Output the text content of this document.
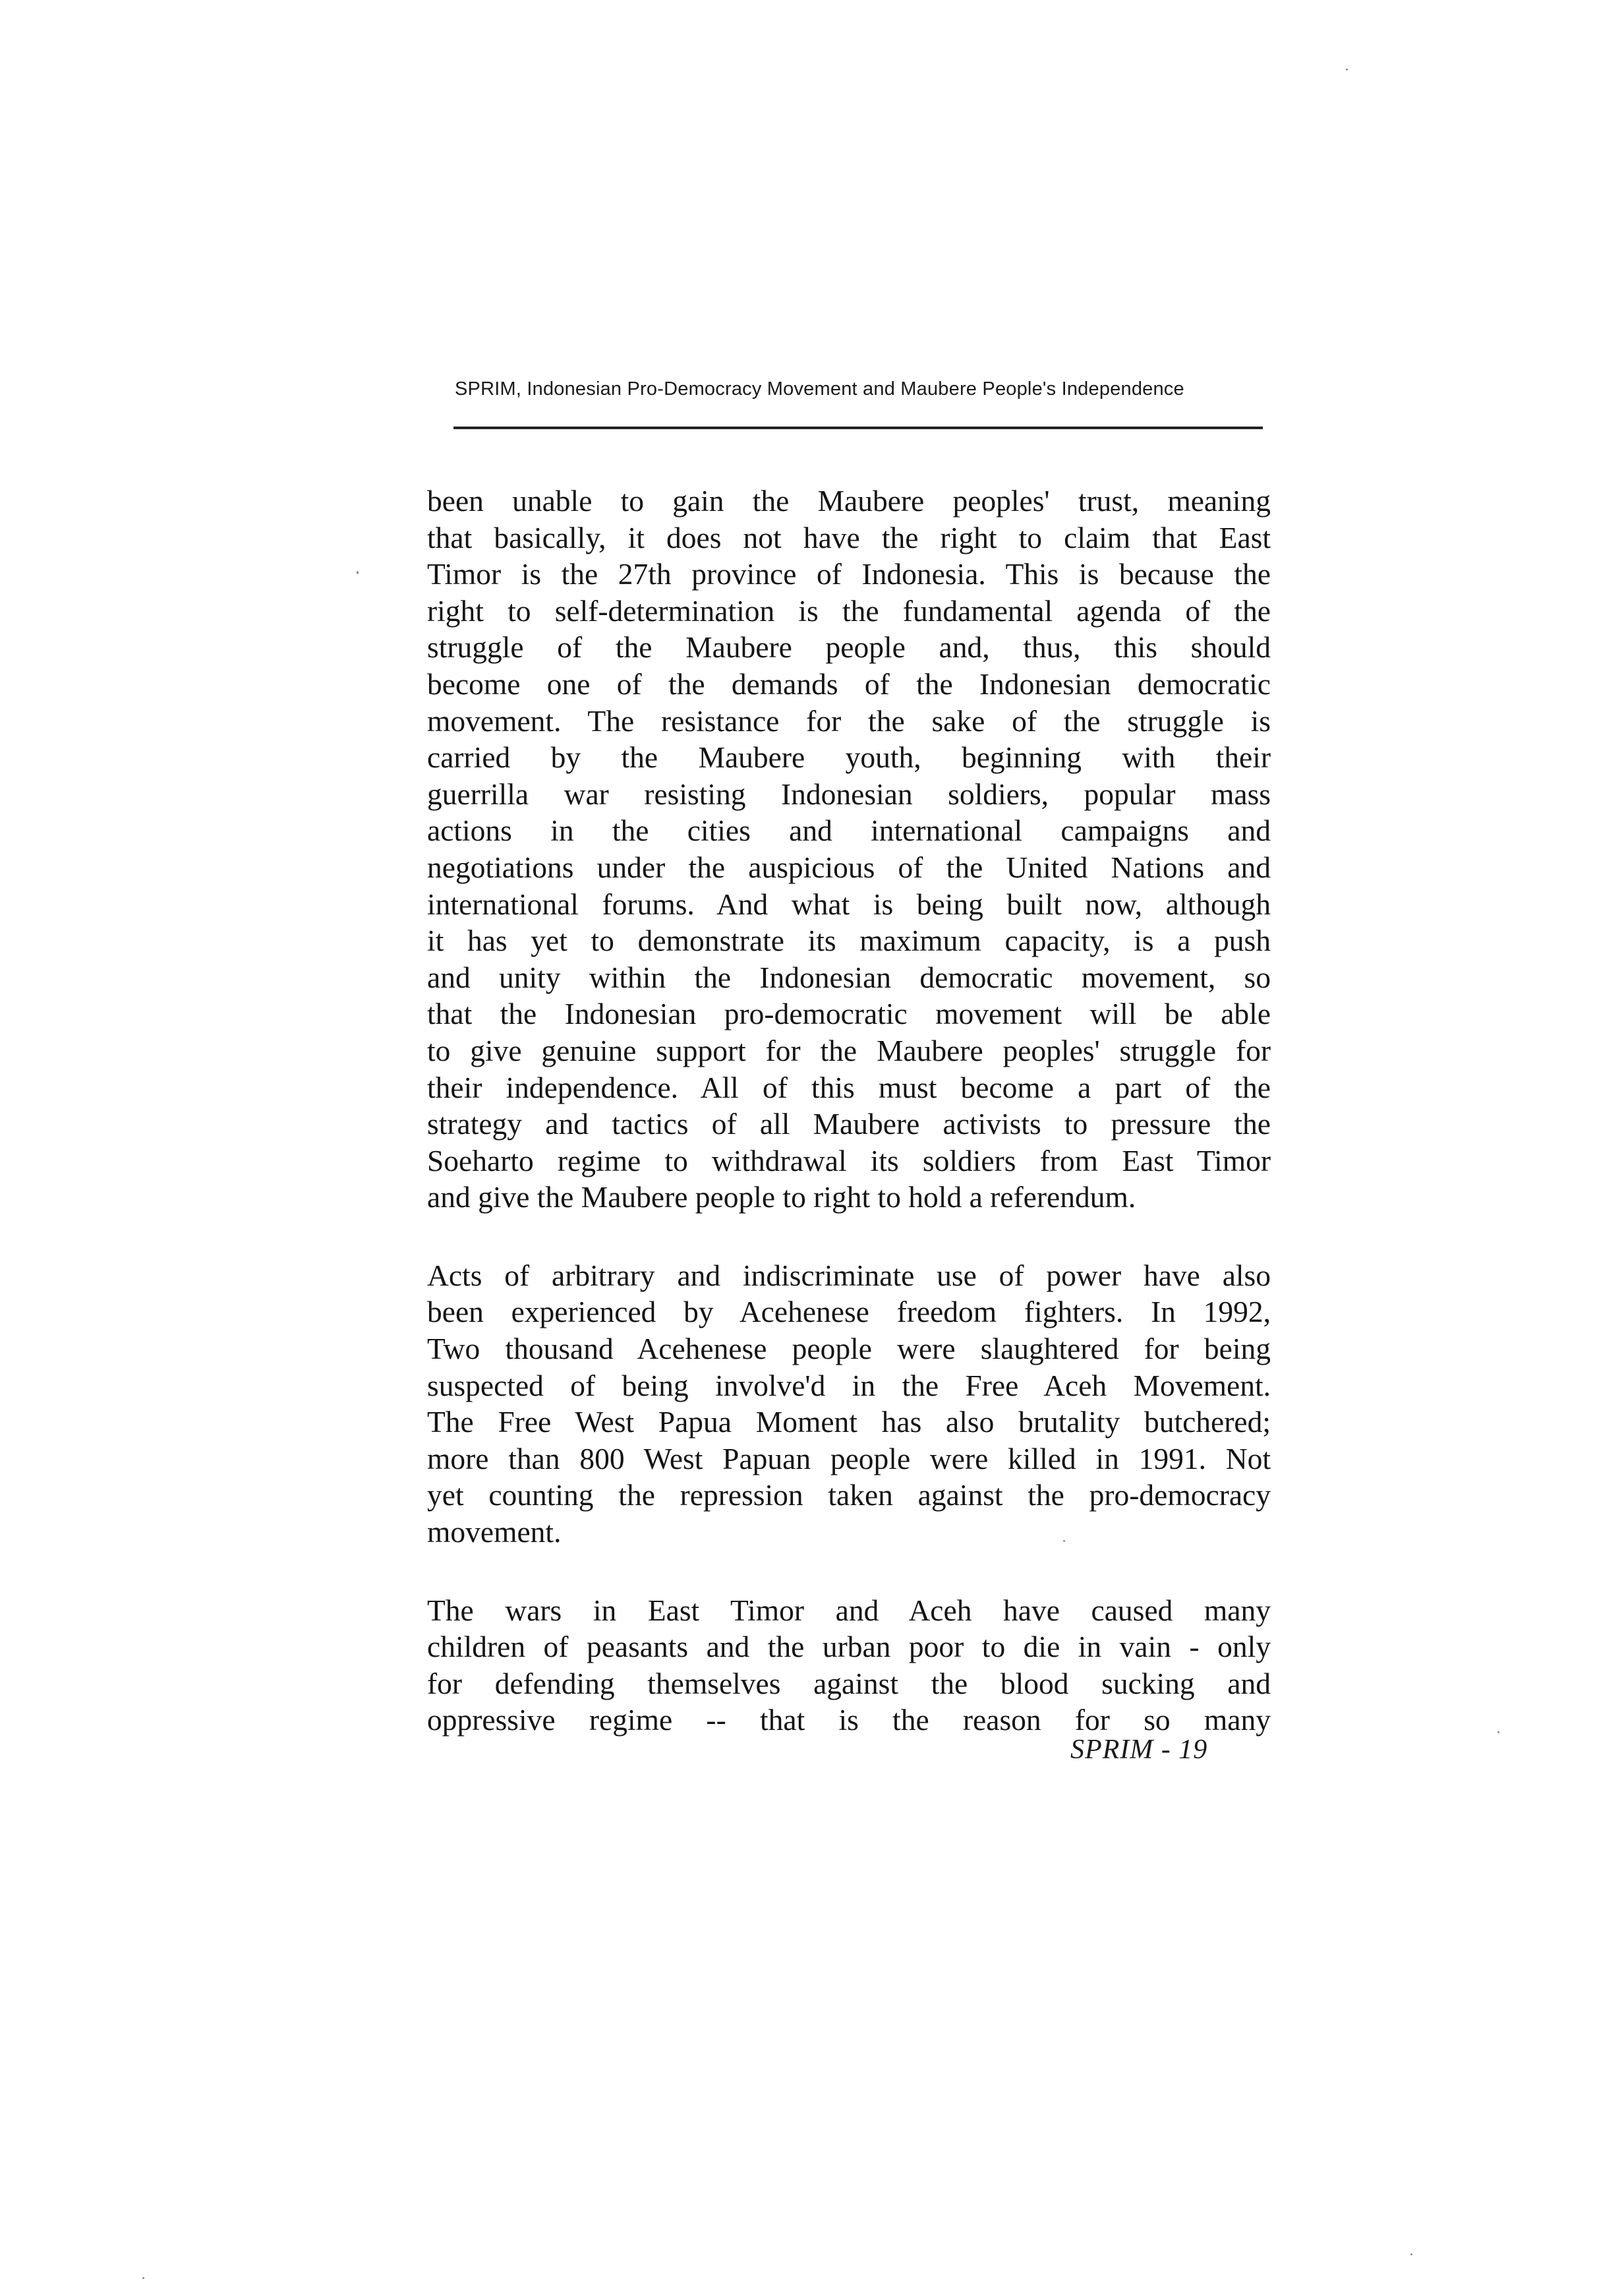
SPRIM, Indonesian Pro-Democracy Movement and Maubere People's Independence

been unable to gain the Maubere peoples' trust, meaning
that basically, it does not have the right to claim that East
Timor is the 27th province of Indonesia. This is because the
right to self-determination is the fundamental agenda of the
struggle of the Maubere people and, thus, this should
become one of the demands of the Indonesian democratic
movement. The resistance for the sake of the struggle is
carried by the Maubere youth, beginning with their
guerrilla war resisting Indonesian soldiers, popular mass
actions in the cities and international campaigns and
negotiations under the auspicious of the United Nations and
international forums. And what is being built now, although
it has yet to demonstrate its maximum capacity, is a push
and unity within the Indonesian democratic movement, so
that the Indonesian pro-democratic movement will be able
to give genuine support for the Maubere peoples' struggle for
their independence. All of this must become a part of the
strategy and tactics of all Maubere activists to pressure the
Soeharto regime to withdrawal its soldiers from East Timor
and give the Maubere people to right to hold a referendum.

Acts of arbitrary and indiscriminate use of power have also
been experienced by Acehenese freedom fighters. In 1992,
Two thousand Acehenese people were slaughtered for being
suspected of being involve'd in the Free Aceh Movement.
The Free West Papua Moment has also brutality butchered;
more than 800 West Papuan people were killed in 1991. Not
yet counting the repression taken against the pro-democracy
movement.

The wars in East Timor and Aceh have caused many
children of peasants and the urban poor to die in vain - only
for defending themselves against the blood sucking and
oppressive regime -- that is the reason for so many

SPRIM - 19
